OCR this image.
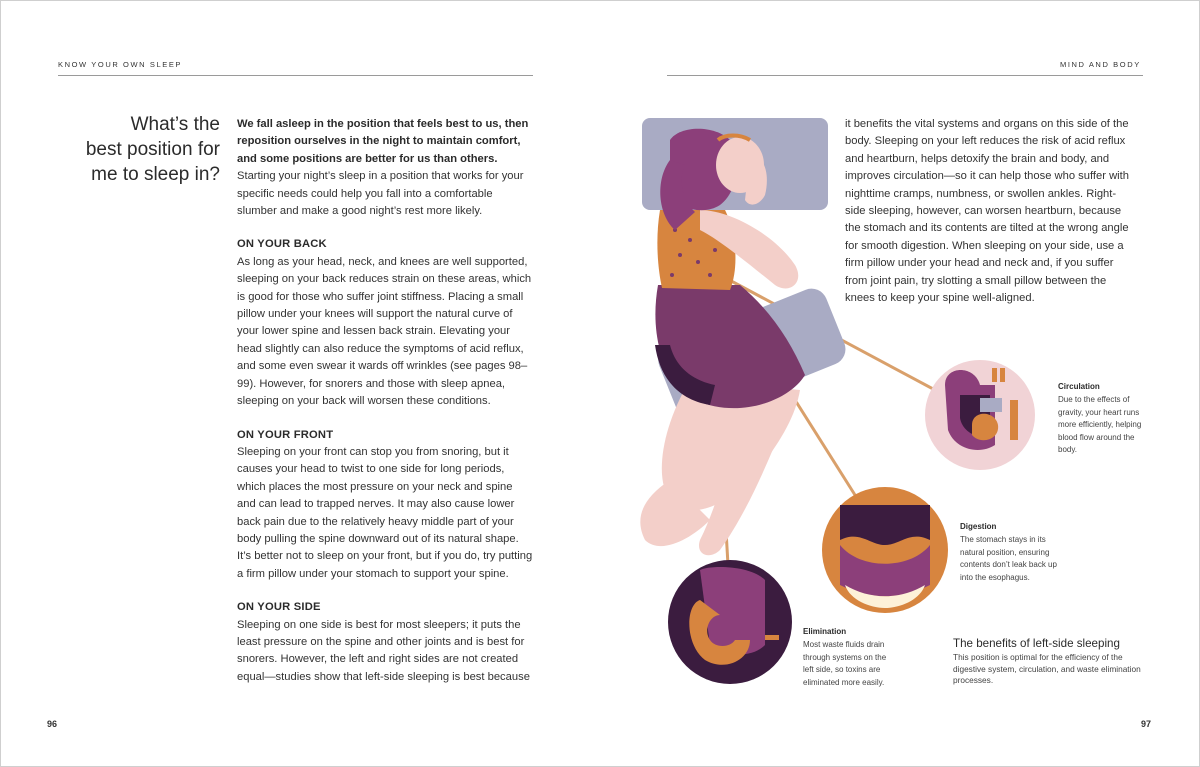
KNOW YOUR OWN SLEEP
What’s the
best position for
me to sleep in?

We fall asleep in the position that feels best to us, then reposition ourselves in the night to maintain comfort, and some positions are better for us than others. Starting your night’s sleep in a position that works for your specific needs could help you fall into a comfortable slumber and make a good night’s rest more likely.

ON YOUR BACK

As long as your head, neck, and knees are well supported, sleeping on your back reduces strain on these areas, which is good for those who suffer joint stiffness. Placing a small pillow under your knees will support the natural curve of your lower spine and lessen back strain. Elevating your head slightly can also reduce the symptoms of acid reflux, and some even swear it wards off wrinkles (see pages 98–99). However, for snorers and those with sleep apnea, sleeping on your back will worsen these conditions.

ON YOUR FRONT

Sleeping on your front can stop you from snoring, but it causes your head to twist to one side for long periods, which places the most pressure on your neck and spine and can lead to trapped nerves. It may also cause lower back pain due to the relatively heavy middle part of your body pulling the spine downward out of its natural shape. It’s better not to sleep on your front, but if you do, try putting a firm pillow under your stomach to support your spine.

ON YOUR SIDE

Sleeping on one side is best for most sleepers; it puts the least pressure on the spine and other joints and is best for snorers. However, the left and right sides are not created equal—studies show that left-side sleeping is best because

96
MIND AND BODY

it benefits the vital systems and organs on this side of the body. Sleeping on your left reduces the risk of acid reflux and heartburn, helps detoxify the brain and body, and improves circulation—so it can help those who suffer with nighttime cramps, numbness, or swollen ankles. Right-side sleeping, however, can worsen heartburn, because the stomach and its contents are tilted at the wrong angle for smooth digestion. When sleeping on your side, use a firm pillow under your head and neck and, if you suffer from joint pain, try slotting a small pillow between the knees to keep your spine well-aligned.

Circulation
Due to the effects of gravity, your heart runs more efficiently, helping blood flow around the body.
Digestion
The stomach stays in its natural position, ensuring contents don’t leak back up into the esophagus.
Elimination
Most waste fluids drain through systems on the left side, so toxins are eliminated more easily.
The benefits of left-side sleeping
This position is optimal for the efficiency of the digestive system, circulation, and waste elimination processes.
97
